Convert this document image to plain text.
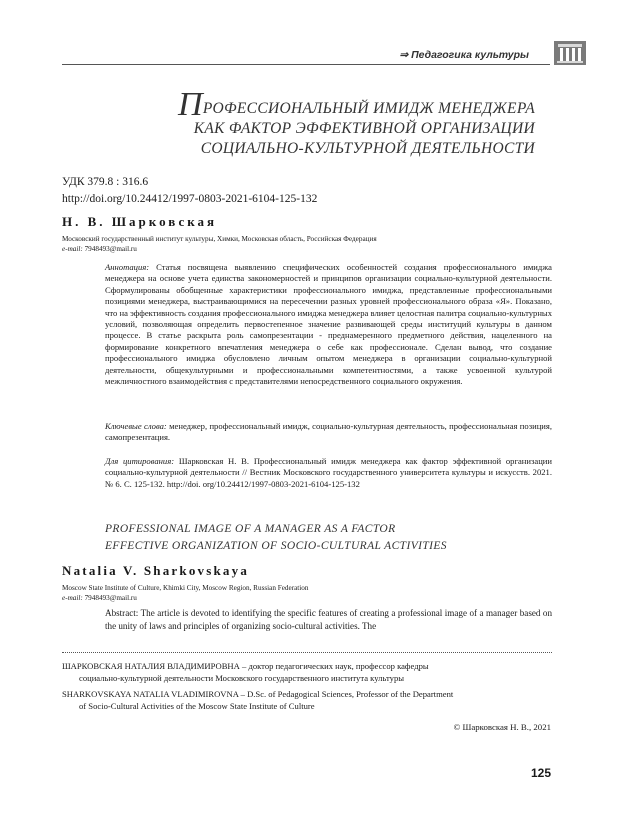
⇒ Педагогика культуры
ПРОФЕССИОНАЛЬНЫЙ ИМИДЖ МЕНЕДЖЕРА
КАК ФАКТОР ЭФФЕКТИВНОЙ ОРГАНИЗАЦИИ
СОЦИАЛЬНО-КУЛЬТУРНОЙ ДЕЯТЕЛЬНОСТИ
УДК 379.8 : 316.6
http://doi.org/10.24412/1997-0803-2021-6104-125-132
Н. В. Шарковская
Московский государственный институт культуры, Химки, Московская область, Российская Федерация
e-mail: 7948493@mail.ru
Аннотация: Статья посвящена выявлению специфических особенностей создания профессионального имиджа менеджера на основе учета единства закономерностей и принципов организации социально-культурной деятельности. Сформулированы обобщенные характеристики профессионального имиджа, представленные профессиональными позициями менеджера, выстраивающимися на пересечении разных уровней профессионального образа «Я». Показано, что на эффективность создания профессионального имиджа менеджера влияет целостная палитра социально-культурных условий, позволяющая определить первостепенное значение развивающей среды институций культуры в данном процессе. В статье раскрыта роль самопрезентации - преднамеренного предметного действия, нацеленного на формирование конкретного впечатления менеджера о себе как профессионале. Сделан вывод, что создание профессионального имиджа обусловлено личным опытом менеджера в организации социально-культурной деятельности, общекультурными и профессиональными компетентностями, а также усвоенной культурой межличностного взаимодействия с представителями непосредственного социального окружения.
Ключевые слова: менеджер, профессиональный имидж, социально-культурная деятельность, профессиональная позиция, самопрезентация.
Для цитирования: Шарковская Н. В. Профессиональный имидж менеджера как фактор эффективной организации социально-культурной деятельности // Вестник Московского государственного университета культуры и искусств. 2021. № 6. С. 125-132. http://doi. org/10.24412/1997-0803-2021-6104-125-132
PROFESSIONAL IMAGE OF A MANAGER AS A FACTOR
EFFECTIVE ORGANIZATION OF SOCIO-CULTURAL ACTIVITIES
Natalia V. Sharkovskaya
Moscow State Institute of Culture, Khimki City, Moscow Region, Russian Federation
e-mail: 7948493@mail.ru
Abstract: The article is devoted to identifying the specific features of creating a professional image of a manager based on the unity of laws and principles of organizing socio-cultural activities. The
ШАРКОВСКАЯ НАТАЛИЯ ВЛАДИМИРОВНА – доктор педагогических наук, профессор кафедры
социально-культурной деятельности Московского государственного института культуры
SHARKOVSKAYA NATALIA VLADIMIROVNA – D.Sc. of Pedagogical Sciences, Professor of the Department
of Socio-Cultural Activities of the Moscow State Institute of Culture
© Шарковская Н. В., 2021
125
